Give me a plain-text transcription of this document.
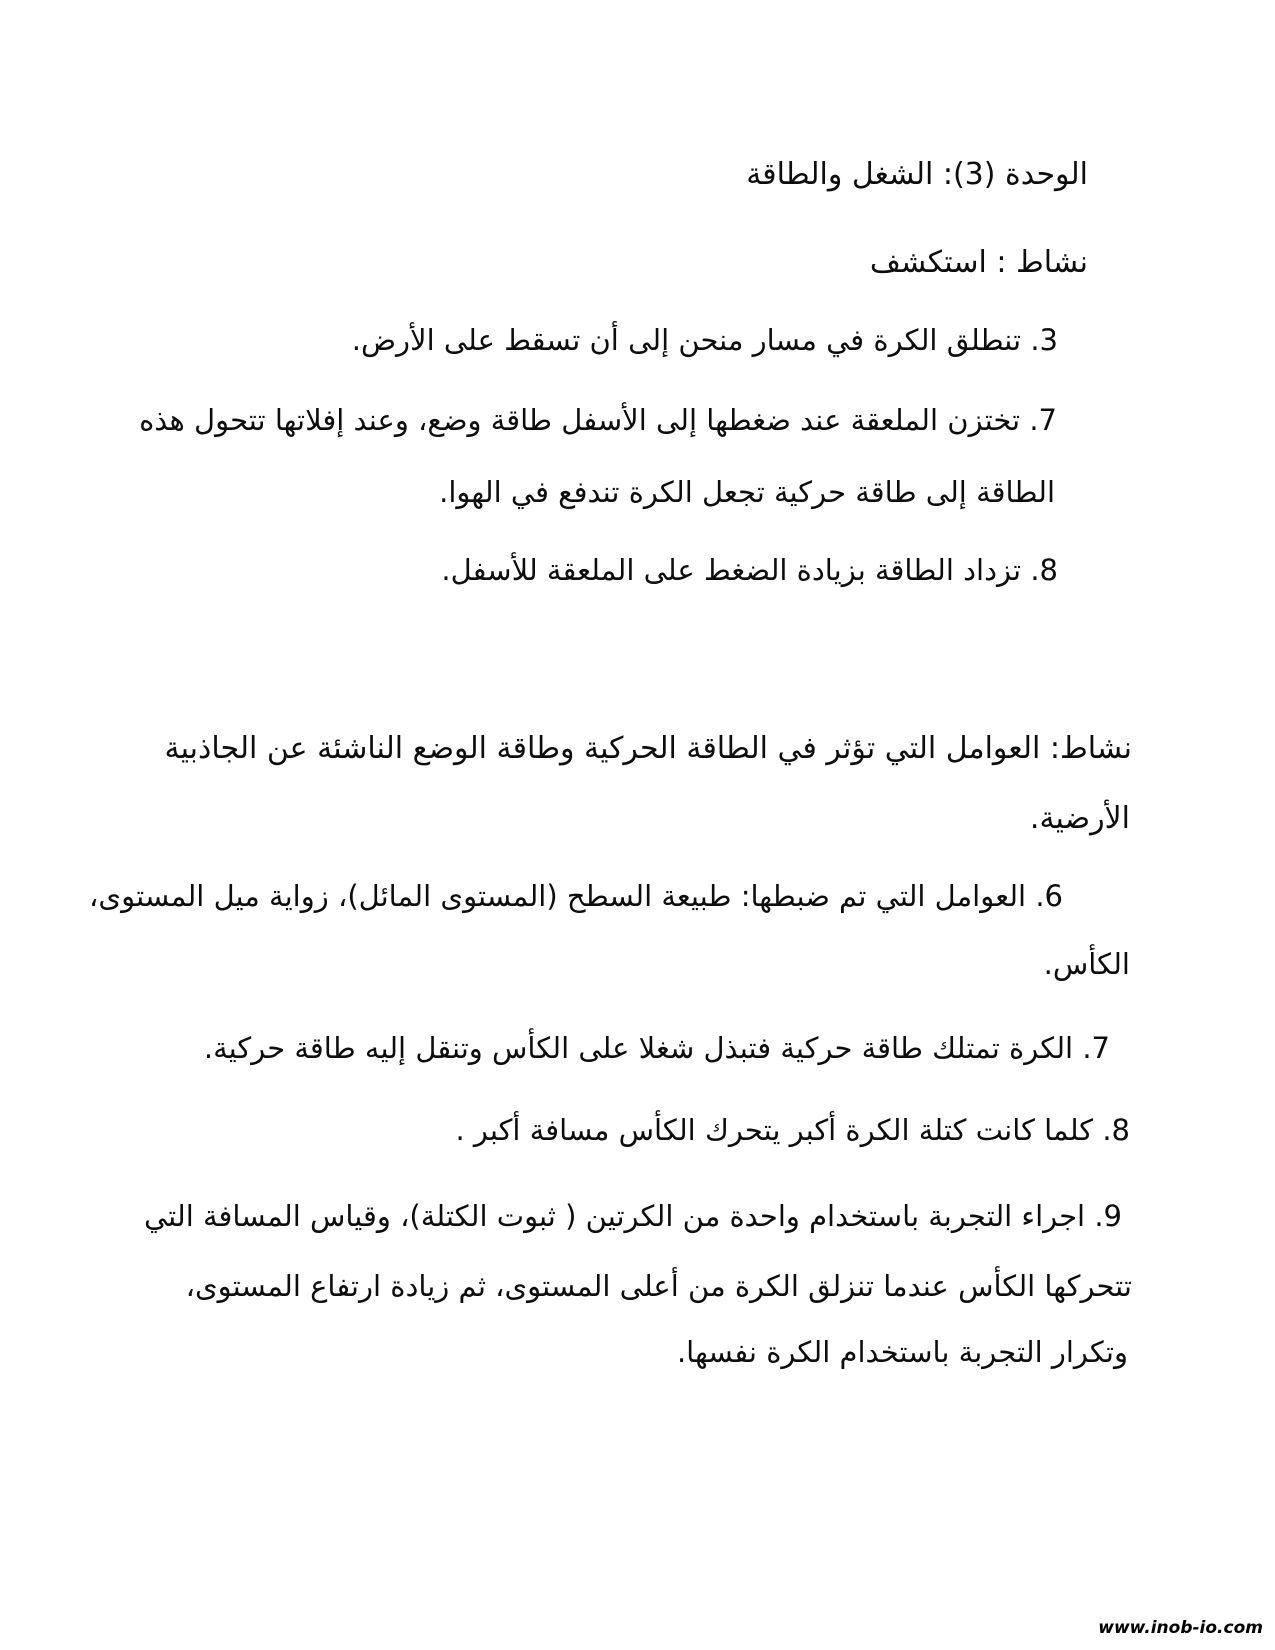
الوحدة (3): الشغل والطاقة
نشاط : استكشف
3. تنطلق الكرة في مسار منحن إلى أن تسقط على الأرض.
7. تختزن الملعقة عند ضغطها إلى الأسفل طاقة وضع، وعند إفلاتها تتحول هذه
الطاقة إلى طاقة حركية تجعل الكرة تندفع في الهوا.
8. تزداد الطاقة بزيادة الضغط على الملعقة للأسفل.
نشاط: العوامل التي تؤثر في الطاقة الحركية وطاقة الوضع الناشئة عن الجاذبية
الأرضية.
6. العوامل التي تم ضبطها: طبيعة السطح (المستوى المائل)، زواية ميل المستوى،
الكأس.
7. الكرة تمتلك طاقة حركية فتبذل شغلا على الكأس وتنقل إليه طاقة حركية.
8. كلما كانت كتلة الكرة أكبر يتحرك الكأس مسافة أكبر .
9. اجراء التجربة باستخدام واحدة من الكرتين ( ثبوت الكتلة)، وقياس المسافة التي
تتحركها الكأس عندما تنزلق الكرة من أعلى المستوى، ثم زيادة ارتفاع المستوى،
وتكرار التجربة باستخدام الكرة نفسها.
www.inob-io.com
